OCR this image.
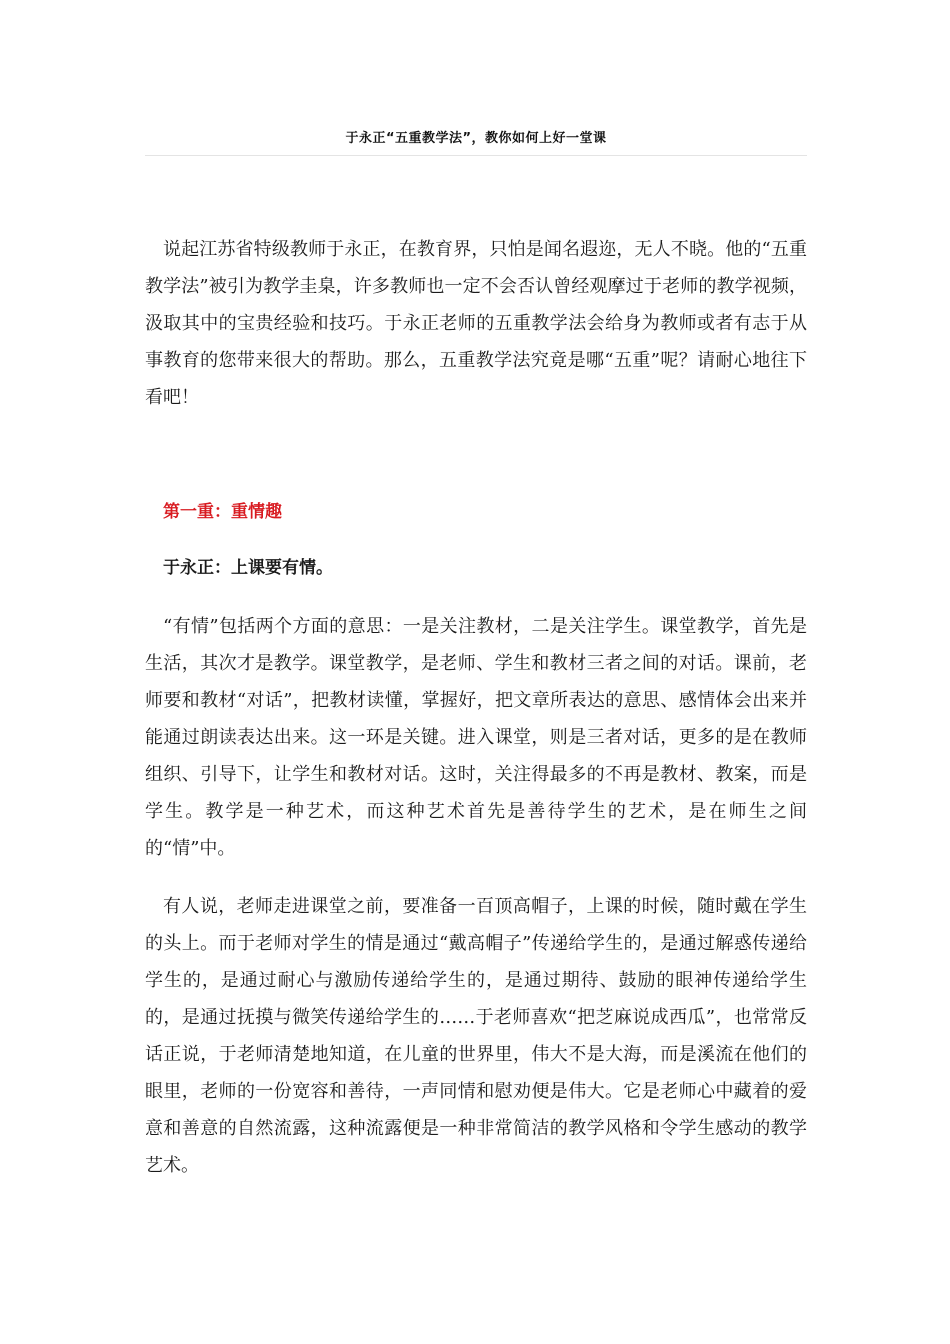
于永正“五重教学法”，教你如何上好一堂课

说起江苏省特级教师于永正，在教育界，只怕是闻名遐迩，无人不晓。他的“五重教学法”被引为教学圭臬，许多教师也一定不会否认曾经观摩过于老师的教学视频，汲取其中的宝贵经验和技巧。于永正老师的五重教学法会给身为教师或者有志于从事教育的您带来很大的帮助。那么，五重教学法究竟是哪“五重”呢？请耐心地往下看吧！

第一重：重情趣
于永正：上课要有情。

“有情”包括两个方面的意思：一是关注教材，二是关注学生。课堂教学，首先是生活，其次才是教学。课堂教学，是老师、学生和教材三者之间的对话。课前，老师要和教材“对话”，把教材读懂，掌握好，把文章所表达的意思、感情体会出来并能通过朗读表达出来。这一环是关键。进入课堂，则是三者对话，更多的是在教师组织、引导下，让学生和教材对话。这时，关注得最多的不再是教材、教案，而是学生。教学是一种艺术，而这种艺术首先是善待学生的艺术，是在师生之间的“情”中。

有人说，老师走进课堂之前，要准备一百顶高帽子，上课的时候，随时戴在学生的头上。而于老师对学生的情是通过“戴高帽子”传递给学生的，是通过解惑传递给学生的，是通过耐心与激励传递给学生的，是通过期待、鼓励的眼神传递给学生的，是通过抚摸与微笑传递给学生的……于老师喜欢“把芝麻说成西瓜”，也常常反话正说，于老师清楚地知道，在儿童的世界里，伟大不是大海，而是溪流在他们的眼里，老师的一份宽容和善待，一声同情和慰劝便是伟大。它是老师心中藏着的爱意和善意的自然流露，这种流露便是一种非常简洁的教学风格和令学生感动的教学艺术。
